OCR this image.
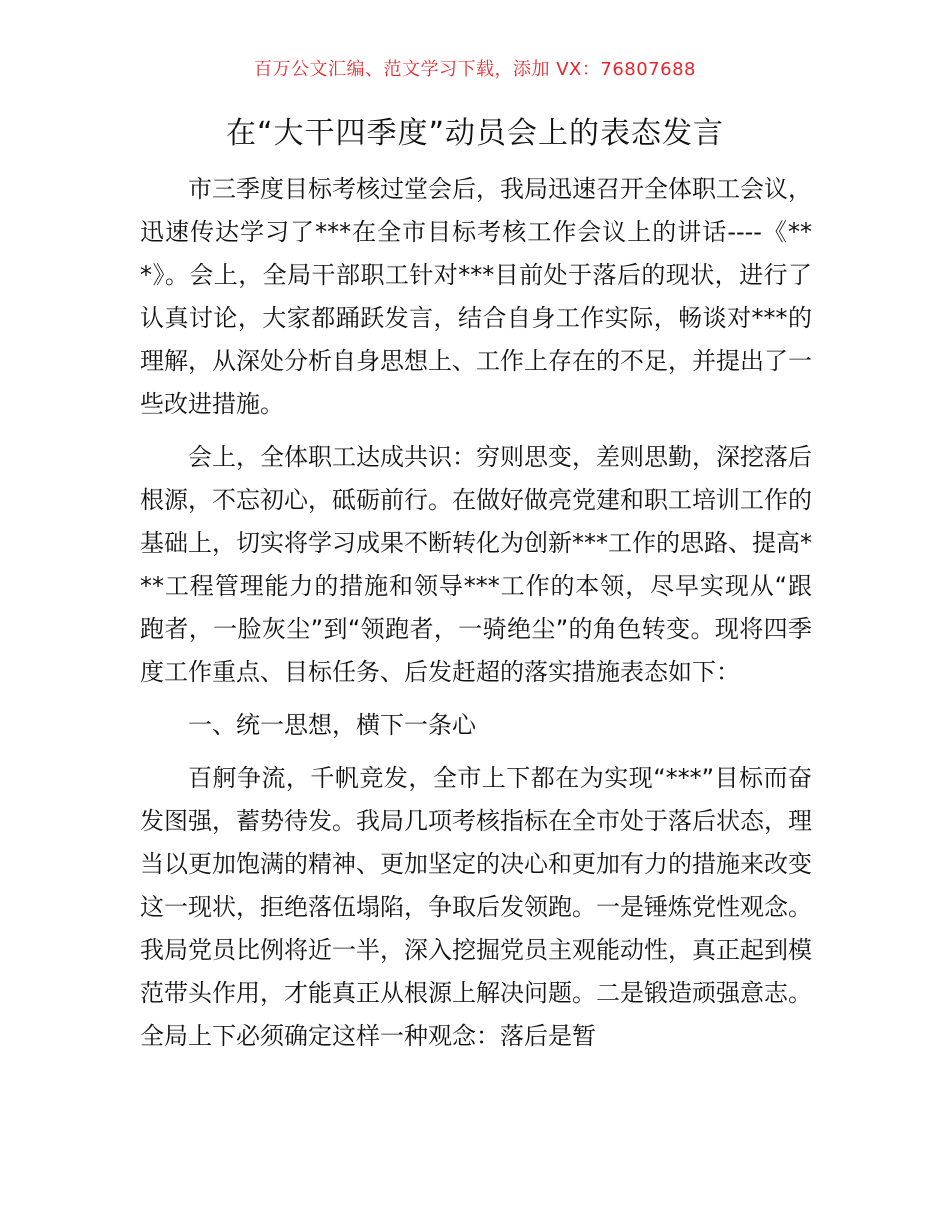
百万公文汇编、范文学习下载，添加 VX：76807688
在“大干四季度”动员会上的表态发言

市三季度目标考核过堂会后，我局迅速召开全体职工会议，迅速传达学习了***在全市目标考核工作会议上的讲话----《***》。会上，全局干部职工针对***目前处于落后的现状，进行了认真讨论，大家都踊跃发言，结合自身工作实际，畅谈对***的理解，从深处分析自身思想上、工作上存在的不足，并提出了一些改进措施。

会上，全体职工达成共识：穷则思变，差则思勤，深挖落后根源，不忘初心，砥砺前行。在做好做亮党建和职工培训工作的基础上，切实将学习成果不断转化为创新***工作的思路、提高***工程管理能力的措施和领导***工作的本领，尽早实现从“跟跑者，一脸灰尘”到“领跑者，一骑绝尘”的角色转变。现将四季度工作重点、目标任务、后发赶超的落实措施表态如下：

一、统一思想，横下一条心

百舸争流，千帆竞发，全市上下都在为实现“***”目标而奋发图强，蓄势待发。我局几项考核指标在全市处于落后状态，理当以更加饱满的精神、更加坚定的决心和更加有力的措施来改变这一现状，拒绝落伍塌陷，争取后发领跑。一是锤炼党性观念。我局党员比例将近一半，深入挖掘党员主观能动性，真正起到模范带头作用，才能真正从根源上解决问题。二是锻造顽强意志。全局上下必须确定这样一种观念：落后是暂
